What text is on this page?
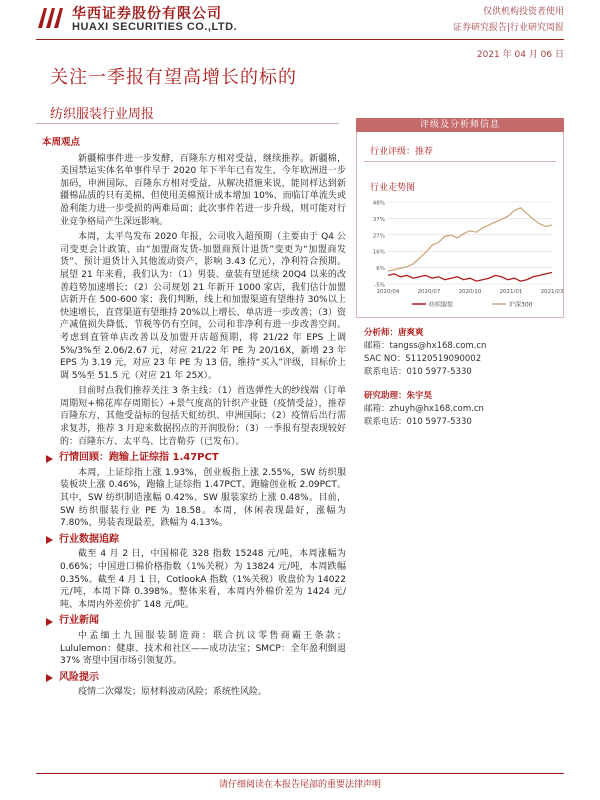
华西证券股份有限公司
HUAXI SECURITIES CO.,LTD.
仅供机构投资者使用
证券研究报告|行业研究周报
2021 年 04 月 06 日
关注一季报有望高增长的标的
纺织服装行业周报

本周观点

新疆棉事件进一步发酵，百隆东方相对受益，继续推荐。新疆棉，美国禁运实体名单事件早于 2020 年下半年已有发生，今年欧洲进一步加码，申洲国际、百隆东方相对受益，从解决措施来说，能同样达到新疆棉品质的只有美棉、但使用美棉预计成本增加 10%、而临订单流失或盈利能力进一步受损的两难局面；此次事件若进一步升级，则可能对行业竞争格局产生深远影响。

本周，太平鸟发布 2020 年报，公司收入超预期（主要由于 Q4 公司变更会计政策、由“加盟商发货-加盟商预计退货”变更为“加盟商发货”、预计退货计入其他流动资产，影响 3.43 亿元），净利符合预期。展望 21 年来看，我们认为：（1）男装、童装有望延续 20Q4 以来的改善趋势加速增长；（2）公司规划 21 年新开 1000 家店，我们估计加盟店新开在 500-600 家；我们判断，线上和加盟渠道有望维持 30%以上快速增长，直营渠道有望维持 20%以上增长、单店进一步改善；（3）资产减值损失降低、节税等仍有空间，公司和非净利有进一步改善空间。考虑到直管单店改善以及加盟开店超预期，将 21/22 年 EPS 上调 5%/3%至 2.06/2.67 元，对应 21/22 年 PE 为 20/16X，新增 23 年 EPS 为 3.19 元，对应 23 年 PE 为 13 倍，维持“买入”评级，目标价上调 5%至 51.5 元（对应 21 年 25X）。

目前时点我们推荐关注 3 条主线：（1）首选弹性大的纱线端（订单周期短+棉花库存周期长）+景气度高的针织产业链（疫情受益），推荐百隆东方，其他受益标的包括天虹纺织、申洲国际；（2）疫情后出行需求复苏，推荐 3 月迎来数据拐点的开润股份；（3）一季报有望表现较好的：百隆东方、太平鸟、比音勒芬（已发布）。

行情回顾：跑输上证综指 1.47PCT

本周，上证综指上涨 1.93%，创业板指上涨 2.55%，SW 纺织服装板块上涨 0.46%，跑输上证综指 1.47PCT、跑输创业板 2.09PCT。其中，SW 纺织制造涨幅 0.42%、SW 服装家纺上涨 0.48%。目前，SW 纺织服装行业 PE 为 18.58。本周，休闲表现最好，涨幅为 7.80%，男装表现最差，跌幅为 4.13%。

行业数据追踪

截至 4 月 2 日，中国棉花 328 指数 15248 元/吨，本周涨幅为 0.66%；中国进口棉价格指数（1%关税）为 13824 元/吨，本周跌幅 0.35%。截至 4 月 1 日，CotlookA 指数（1%关税）收盘价为 14022 元/吨，本周下降 0.398%。整体来看，本周内外棉价差为 1424 元/吨、本周内外差价扩 148 元/吨。

行业新闻

中孟缅土九国服装制造商：联合抗议零售商霸王条款；Lululemon：健康、技术和社区——成功法宝；SMCP：全年盈利倒退 37% 寄望中国市场引领复苏。

风险提示

疫情二次爆发；原材料波动风险；系统性风险。

评级及分析师信息
行业评级：推荐
行业走势图
48%
37%
27%
16%
6%
-5%
2020/04	2020/07	2020/10	2021/01	2021/03
纺织服装	沪深300
分析师：唐爽爽
邮箱：tangss@hx168.com.cn
SAC NO：S1120519090002
联系电话：010 5977-5330
研究助理：朱宇昊
邮箱：zhuyh@hx168.com.cn
联系电话：010 5977-5330
请仔细阅读在本报告尾部的重要法律声明
